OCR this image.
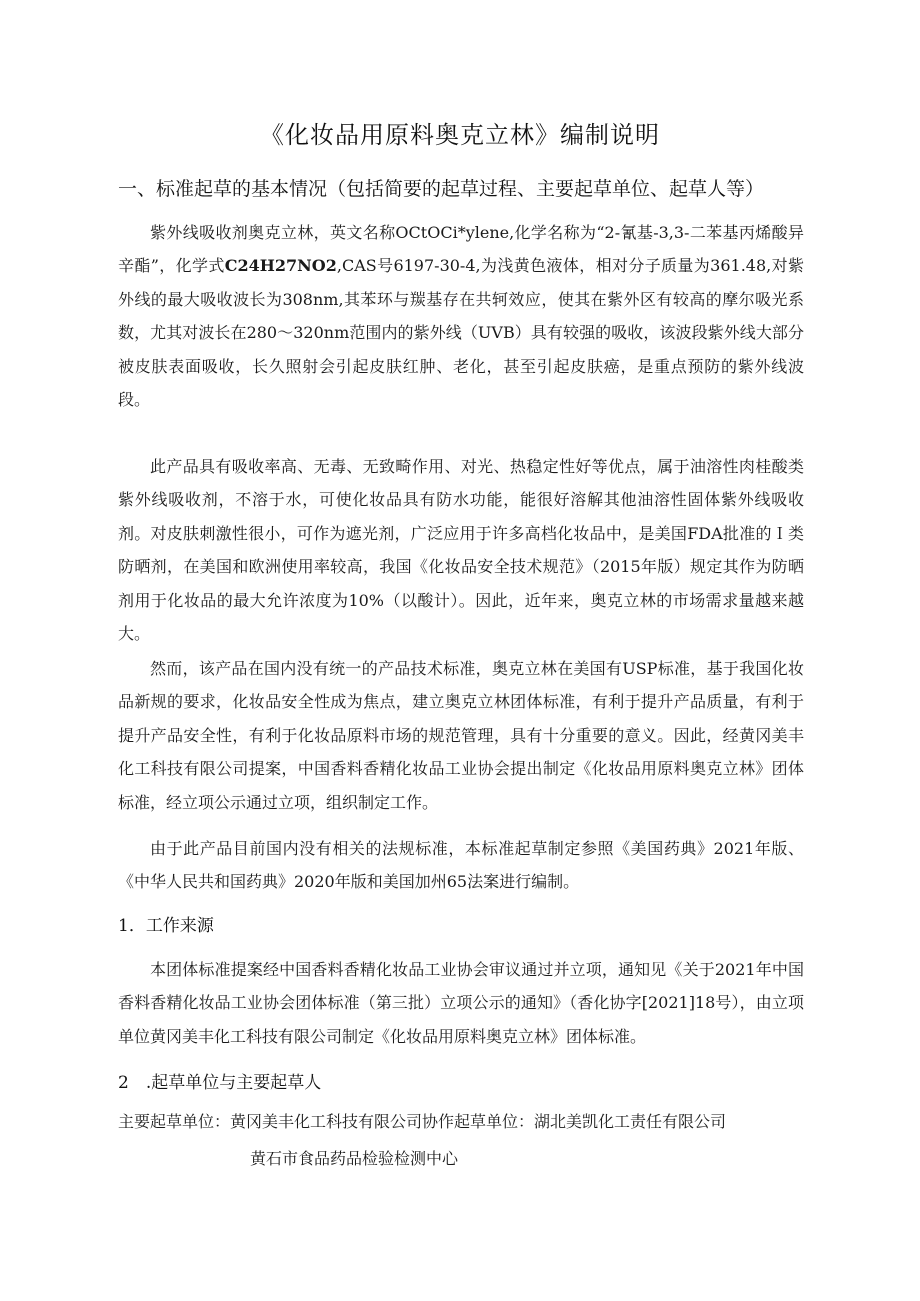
《化妆品用原料奥克立林》编制说明
一、标准起草的基本情况（包括简要的起草过程、主要起草单位、起草人等）

紫外线吸收剂奥克立林，英文名称OCtOCi*ylene,化学名称为“2-氰基-3,3-二苯基丙烯酸异辛酯”，化学式C24H27NO2,CAS号6197-30-4,为浅黄色液体，相对分子质量为361.48,对紫外线的最大吸收波长为308nm,其苯环与羰基存在共轲效应，使其在紫外区有较高的摩尔吸光系数，尤其对波长在280～320nm范围内的紫外线（UVB）具有较强的吸收，该波段紫外线大部分被皮肤表面吸收，长久照射会引起皮肤红肿、老化，甚至引起皮肤癌，是重点预防的紫外线波段。

此产品具有吸收率高、无毒、无致畸作用、对光、热稳定性好等优点，属于油溶性肉桂酸类紫外线吸收剂，不溶于水，可使化妆品具有防水功能，能很好溶解其他油溶性固体紫外线吸收剂。对皮肤刺激性很小，可作为遮光剂，广泛应用于许多高档化妆品中，是美国FDA批准的Ｉ类防晒剂，在美国和欧洲使用率较高，我国《化妆品安全技术规范》（2015年版）规定其作为防晒剂用于化妆品的最大允许浓度为10%（以酸计）。因此，近年来，奥克立林的市场需求量越来越大。

然而，该产品在国内没有统一的产品技术标准，奥克立林在美国有USP标准，基于我国化妆品新规的要求，化妆品安全性成为焦点，建立奥克立林团体标准，有利于提升产品质量，有利于提升产品安全性，有利于化妆品原料市场的规范管理，具有十分重要的意义。因此，经黄冈美丰化工科技有限公司提案，中国香料香精化妆品工业协会提出制定《化妆品用原料奥克立林》团体标准，经立项公示通过立项，组织制定工作。

由于此产品目前国内没有相关的法规标准，本标准起草制定参照《美国药典》2021年版、《中华人民共和国药典》2020年版和美国加州65法案进行编制。

1．工作来源

本团体标准提案经中国香料香精化妆品工业协会审议通过并立项，通知见《关于2021年中国香料香精化妆品工业协会团体标准（第三批）立项公示的通知》（香化协字[2021]18号），由立项单位黄冈美丰化工科技有限公司制定《化妆品用原料奥克立林》团体标准。

2　.起草单位与主要起草人
主要起草单位：黄冈美丰化工科技有限公司协作起草单位：湖北美凯化工责任有限公司
黄石市食品药品检验检测中心
